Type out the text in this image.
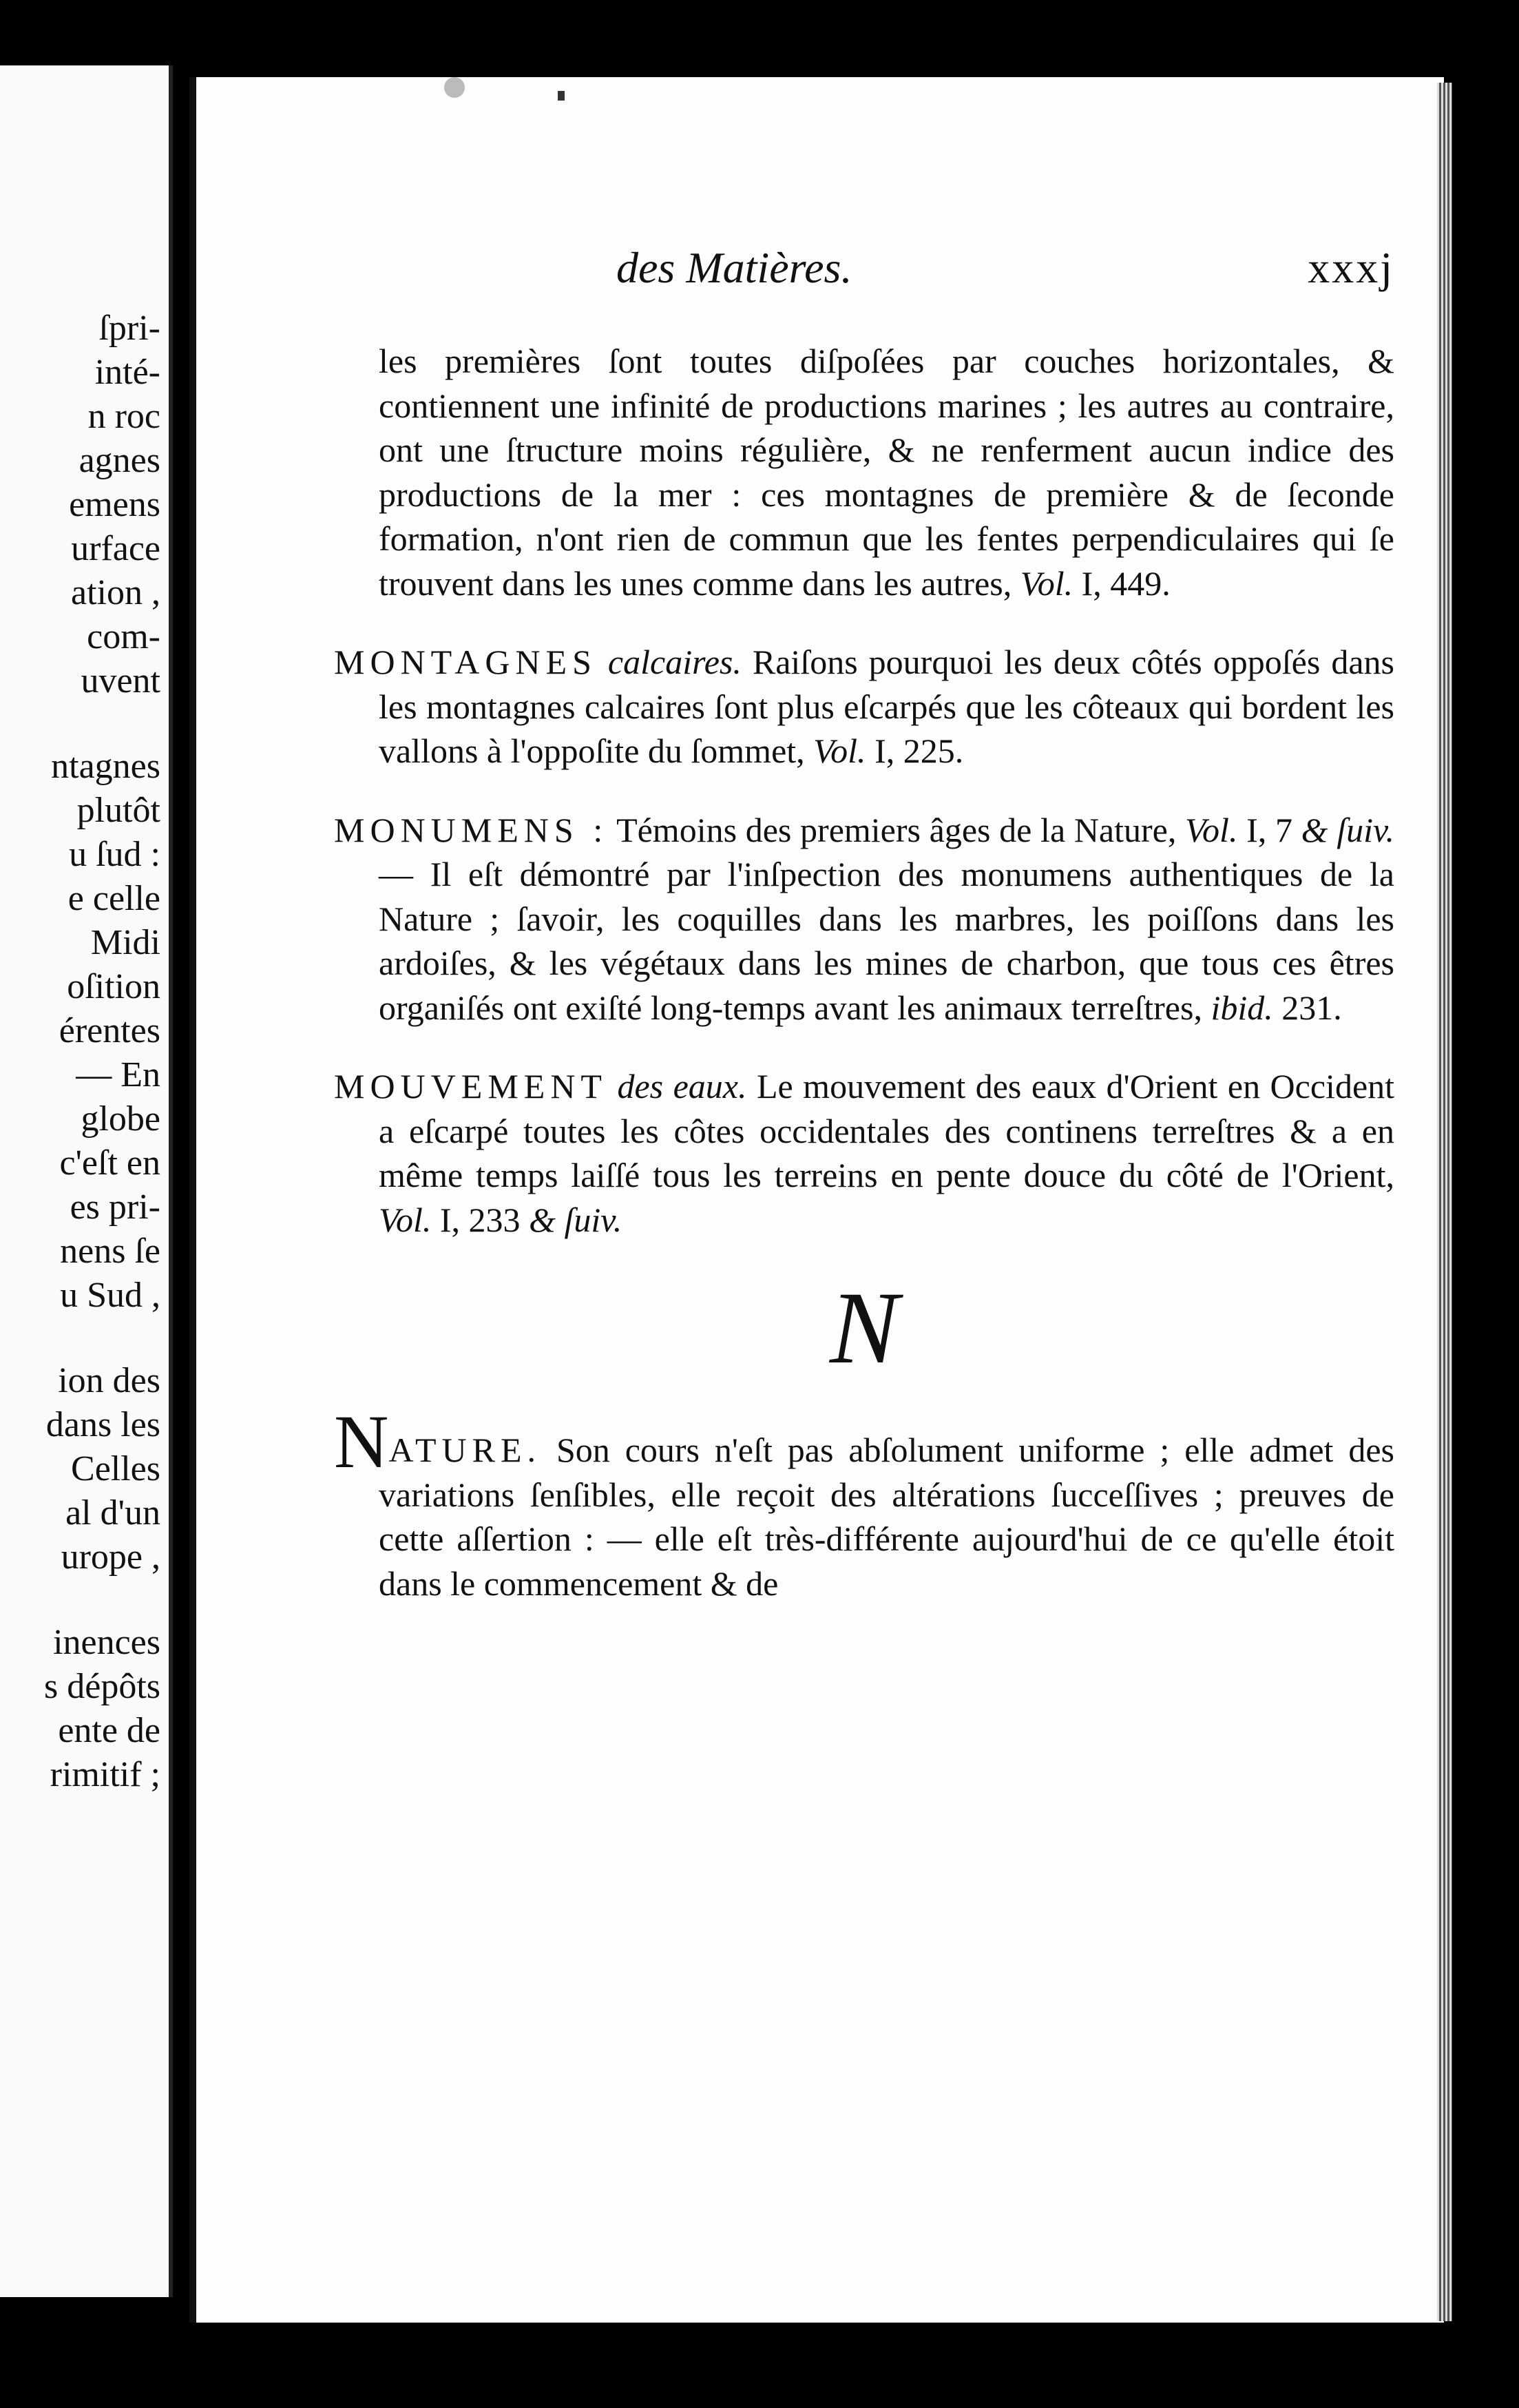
ſpri-
inté-
n roc
agnes
emens
urface
ation ,
com-
uvent
ntagnes
plutôt
u ſud :
e celle
Midi
oſition
érentes
— En
globe
c'eſt en
es pri-
nens ſe
u Sud ,
ion des
dans les
Celles
al d'un
urope ,
inences
s dépôts
ente de
rimitif ;
des Matières.	xxxj

les premières ſont toutes diſpoſées par couches horizontales, & contiennent une infinité de productions marines ; les autres au contraire, ont une ſtructure moins régulière, & ne renferment aucun indice des productions de la mer : ces montagnes de première & de ſeconde formation, n'ont rien de commun que les fentes perpendiculaires qui ſe trouvent dans les unes comme dans les autres, Vol. I, 449.

MONTAGNES calcaires. Raiſons pourquoi les deux côtés oppoſés dans les montagnes calcaires ſont plus eſcarpés que les côteaux qui bordent les vallons à l'oppoſite du ſommet, Vol. I, 225.

MONUMENS : Témoins des premiers âges de la Nature, Vol. I, 7 & ſuiv. — Il eſt démontré par l'inſpection des monumens authentiques de la Nature ; ſavoir, les coquilles dans les marbres, les poiſſons dans les ardoiſes, & les végétaux dans les mines de charbon, que tous ces êtres organiſés ont exiſté long-temps avant les animaux terreſtres, ibid. 231.

MOUVEMENT des eaux. Le mouvement des eaux d'Orient en Occident a eſcarpé toutes les côtes occidentales des continens terreſtres & a en même temps laiſſé tous les terreins en pente douce du côté de l'Orient, Vol. I, 233 & ſuiv.

N

NATURE. Son cours n'eſt pas abſolument uniforme ; elle admet des variations ſenſibles, elle reçoit des altérations ſucceſſives ; preuves de cette aſſertion : — elle eſt très-différente aujourd'hui de ce qu'elle étoit dans le commencement & de
